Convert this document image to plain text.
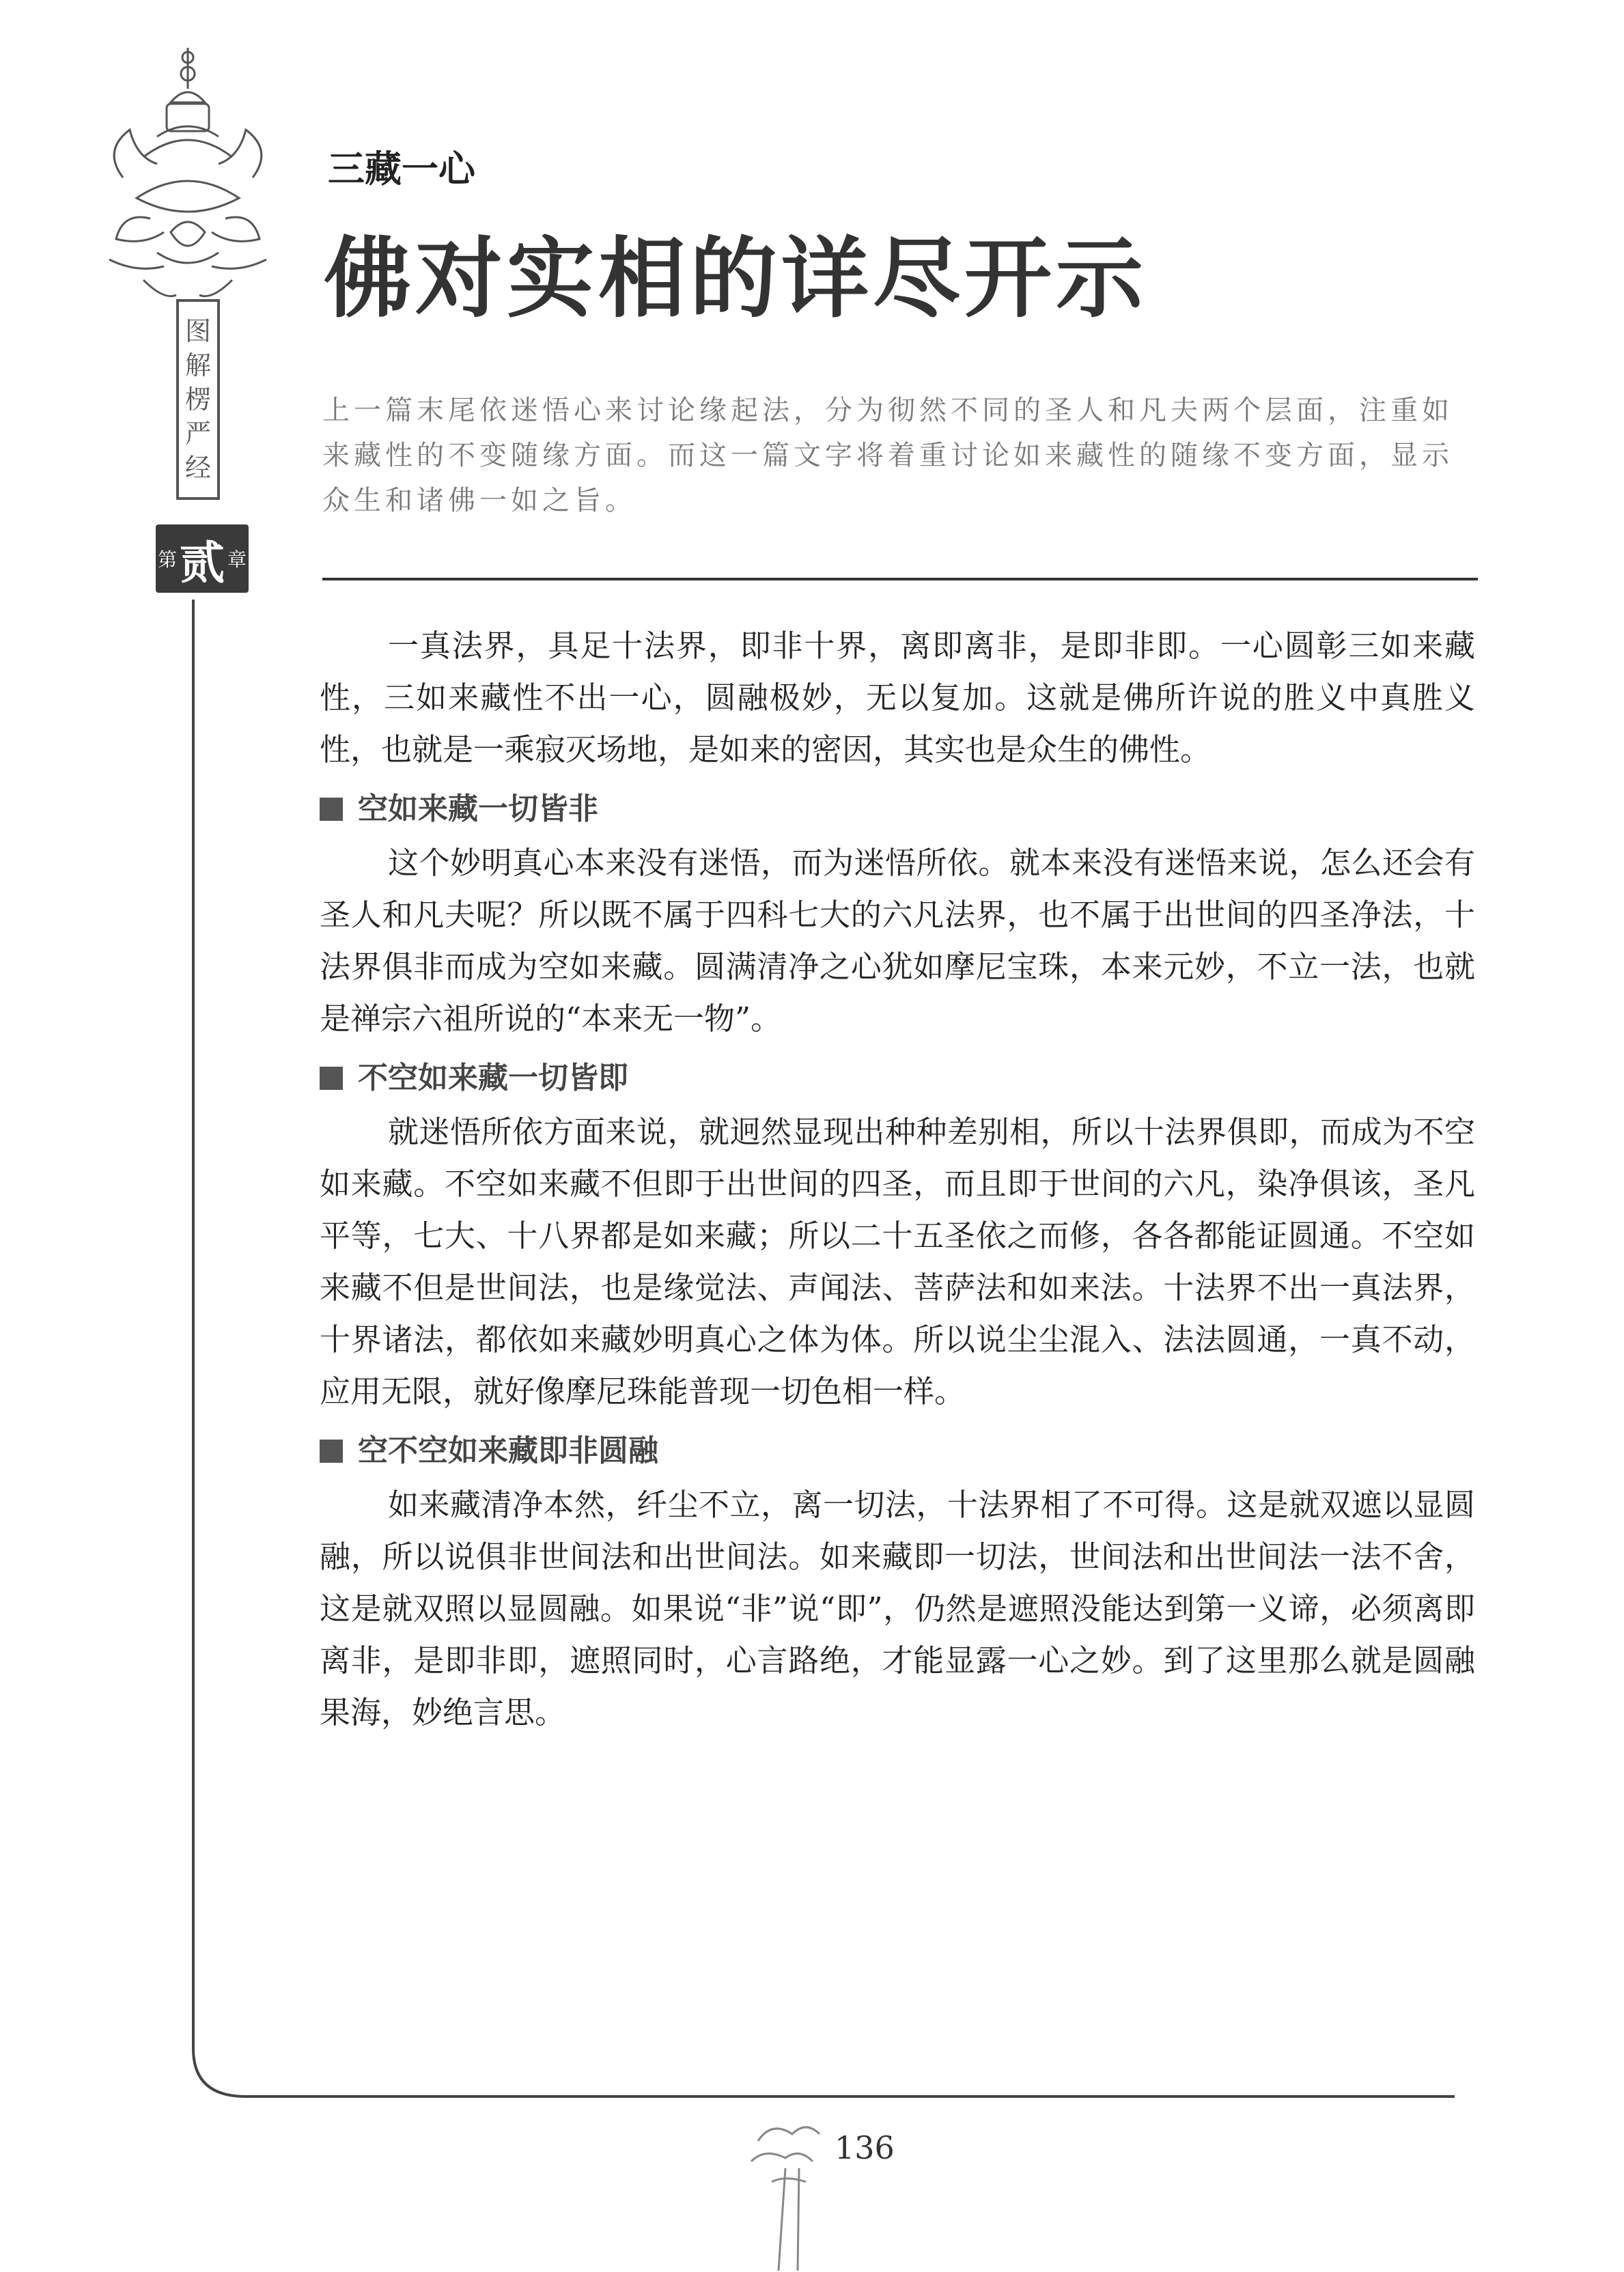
图
解
楞
严
经
第 贰 章
三藏一心
佛对实相的详尽开示
上一篇末尾依迷悟心来讨论缘起法，分为彻然不同的圣人和凡夫两个层面，注重如来藏性的不变随缘方面。而这一篇文字将着重讨论如来藏性的随缘不变方面，显示众生和诸佛一如之旨。

一真法界，具足十法界，即非十界，离即离非，是即非即。一心圆彰三如来藏性，三如来藏性不出一心，圆融极妙，无以复加。这就是佛所许说的胜义中真胜义性，也就是一乘寂灭场地，是如来的密因，其实也是众生的佛性。

空如来藏一切皆非

这个妙明真心本来没有迷悟，而为迷悟所依。就本来没有迷悟来说，怎么还会有圣人和凡夫呢？所以既不属于四科七大的六凡法界，也不属于出世间的四圣净法，十法界俱非而成为空如来藏。圆满清净之心犹如摩尼宝珠，本来元妙，不立一法，也就是禅宗六祖所说的“本来无一物”。

不空如来藏一切皆即

就迷悟所依方面来说，就迥然显现出种种差别相，所以十法界俱即，而成为不空如来藏。不空如来藏不但即于出世间的四圣，而且即于世间的六凡，染净俱该，圣凡平等，七大、十八界都是如来藏；所以二十五圣依之而修，各各都能证圆通。不空如来藏不但是世间法，也是缘觉法、声闻法、菩萨法和如来法。十法界不出一真法界，十界诸法，都依如来藏妙明真心之体为体。所以说尘尘混入、法法圆通，一真不动，应用无限，就好像摩尼珠能普现一切色相一样。

空不空如来藏即非圆融

如来藏清净本然，纤尘不立，离一切法，十法界相了不可得。这是就双遮以显圆融，所以说俱非世间法和出世间法。如来藏即一切法，世间法和出世间法一法不舍，这是就双照以显圆融。如果说“非”说“即”，仍然是遮照没能达到第一义谛，必须离即离非，是即非即，遮照同时，心言路绝，才能显露一心之妙。到了这里那么就是圆融果海，妙绝言思。

136
